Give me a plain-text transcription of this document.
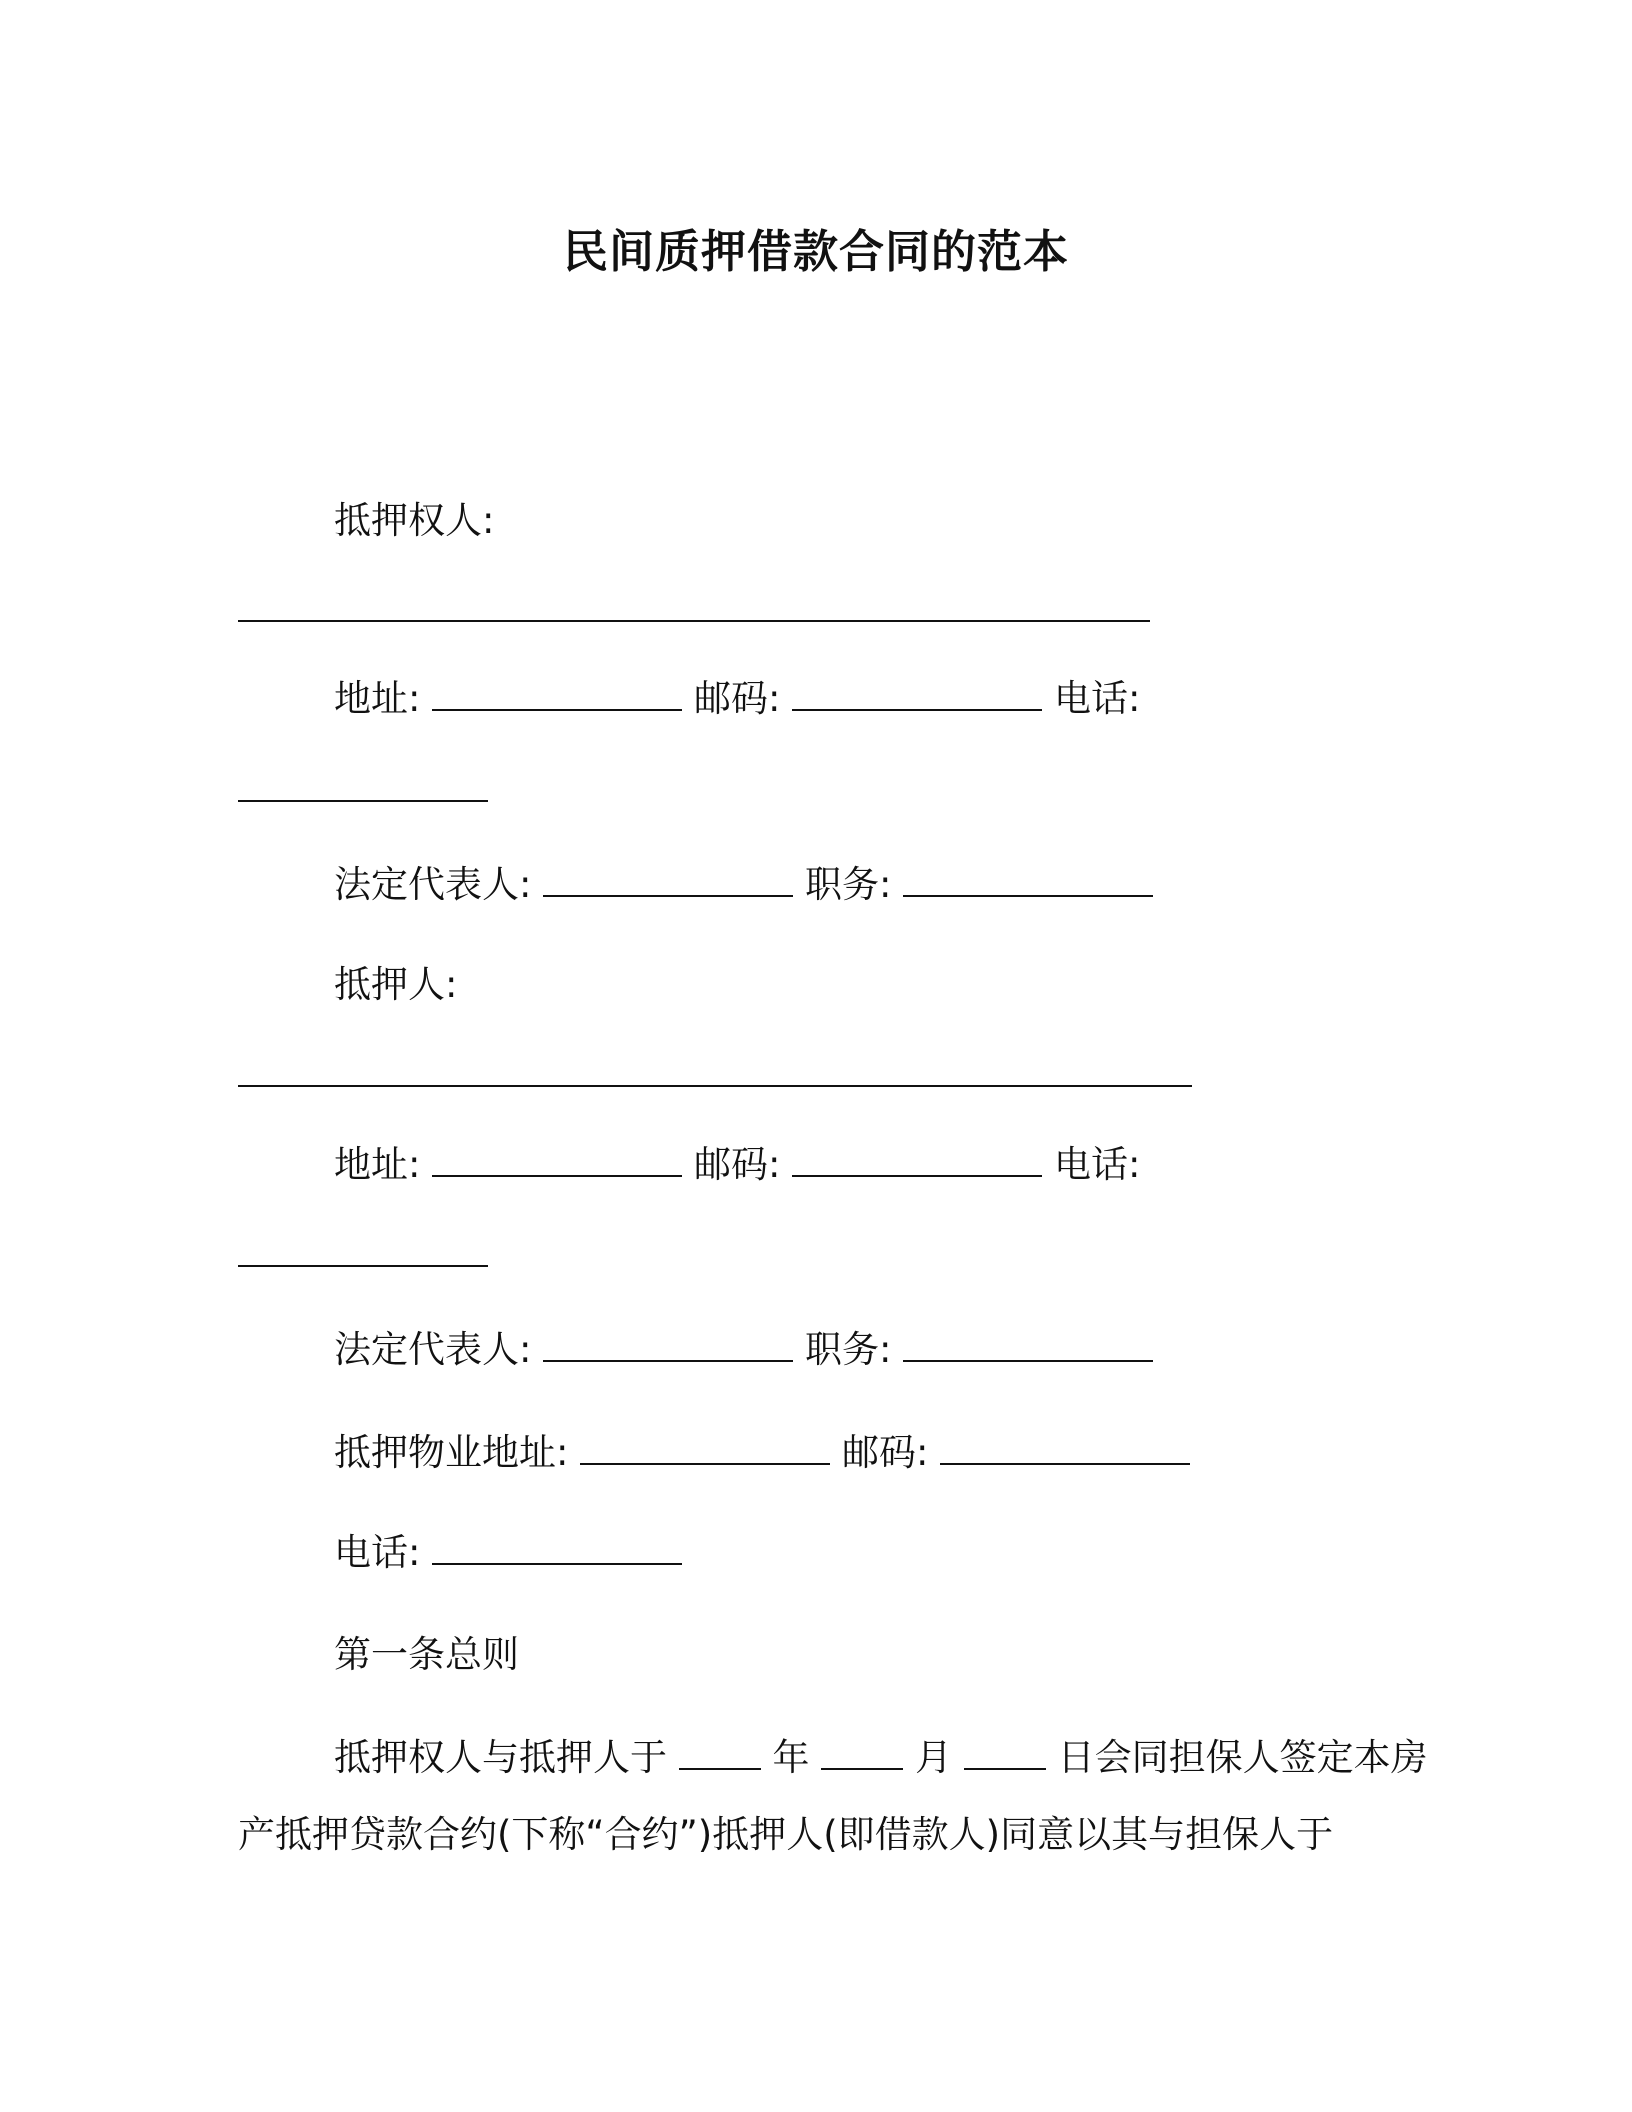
民间质押借款合同的范本
抵押权人:
地址:	邮码:	电话:
法定代表人:	职务:
抵押人:
地址:	邮码:	电话:
法定代表人:	职务:
抵押物业地址:	邮码:
电话:
第一条总则
抵押权人与抵押人于	年	月	日会同担保人签定本房
产抵押贷款合约(下称“合约”)抵押人(即借款人)同意以其与担保人于
